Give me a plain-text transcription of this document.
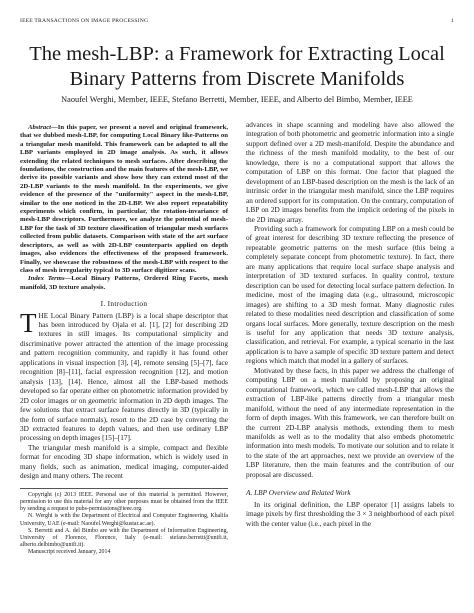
IEEE TRANSACTIONS ON IMAGE PROCESSING	1
The mesh-LBP: a Framework for Extracting Local Binary Patterns from Discrete Manifolds
Naoufel Werghi, Member, IEEE, Stefano Berretti, Member, IEEE, and Alberto del Bimbo, Member, IEEE

Abstract—In this paper, we present a novel and original framework, that we dubbed mesh-LBP, for computing Local Binary like-Patterns on a triangular mesh manifold. This framework can be adapted to all the LBP variants employed in 2D image analysis. As such, it allows extending the related techniques to mesh surfaces. After describing the foundations, the construction and the main features of the mesh-LBP, we derive its possible variants and show how they can extend most of the 2D-LBP variants to the mesh manifold. In the experiments, we give evidence of the presence of the "uniformity" aspect in the mesh-LBP, similar to the one noticed in the 2D-LBP. We also report repeatability experiments which confirm, in particular, the rotation-invariance of mesh-LBP descriptors. Furthermore, we analyze the potential of mesh-LBP for the task of 3D texture classification of triangular mesh surfaces collected from public datasets. Comparison with state of the art surface descriptors, as well as with 2D-LBP counterparts applied on depth images, also evidences the effectiveness of the proposed framework. Finally, we showcase the robustness of the mesh-LBP with respect to the class of mesh irregularity typical to 3D surface digitizer scans.

Index Terms—Local Binary Patterns, Ordered Ring Facets, mesh manifold, 3D texture analysis.

I. Introduction

THE Local Binary Pattern (LBP) is a local shape descriptor that has been introduced by Ojala et al. [1], [2] for describing 2D textures in still images. Its computational simplicity and discriminative power attracted the attention of the image processing and pattern recognition community, and rapidly it has found other applications in visual inspection [3], [4], remote sensing [5]–[7], face recognition [8]–[11], facial expression recognition [12], and motion analysis [13], [14]. Hence, almost all the LBP-based methods developed so far operate either on photometric information provided by 2D color images or on geometric information in 2D depth images. The few solutions that extract surface features directly in 3D (typically in the form of surface normals), resort to the 2D case by converting the 3D extracted features to depth values, and then use ordinary LBP processing on depth images [15]–[17].

The triangular mesh manifold is a simple, compact and flexible format for encoding 3D shape information, which is widely used in many fields, such as animation, medical imaging, computer-aided design and many others. The recent

Copyright (c) 2013 IEEE. Personal use of this material is permitted. However, permission to use this material for any other purposes must be obtained from the IEEE by sending a request to pubs-permissions@ieee.org.

N. Werghi is with the Department of Electrical and Computer Engineering, Khalifa University, UAE (e-mail: Naoufel.Werghi@kustar.ac.ae).

S. Berretti and A. del Bimbo are with the Department of Information Engineering, University of Florence, Florence, Italy (e-mail: stefano.berretti@unifi.it, alberto.delbimbo@unifi.it).

Manuscript received January, 2014

advances in shape scanning and modeling have also allowed the integration of both photometric and geometric information into a single support defined over a 2D mesh-manifold. Despite the abundance and the richness of the mesh manifold modality, to the best of our knowledge, there is no a computational support that allows the computation of LBP on this format. One factor that plagued the development of an LBP-based description on the mesh is the lack of an intrinsic order in the triangular mesh manifold, since the LBP requires an ordered support for its computation. On the contrary, computation of LBP on 2D images benefits from the implicit ordering of the pixels in the 2D image array.

Providing such a framework for computing LBP on a mesh could be of great interest for describing 3D texture reflecting the presence of repeatable geometric patterns on the mesh surface (this being a completely separate concept from photometric texture). In fact, there are many applications that require local surface shape analysis and interpretation of 3D textured surfaces. In quality control, texture description can be used for detecting local surface pattern defection. In medicine, most of the imaging data (e.g., ultrasound, microscopic images) are shifting to a 3D mesh format. Many diagnostic rules related to these modalities need description and classification of some organs local surfaces. More generally, texture description on the mesh is useful for any application that needs 3D texture analysis, classification, and retrieval. For example, a typical scenario in the last application is to have a sample of specific 3D texture pattern and detect regions which match that model in a gallery of surfaces.

Motivated by these facts, in this paper we address the challenge of computing LBP on a mesh manifold by proposing an original computational framework, which we called mesh-LBP that allows the extraction of LBP-like patterns directly from a triangular mesh manifold, without the need of any intermediate representation in the form of depth images. With this framework, we can therefore built on the current 2D-LBP analysis methods, extending them to mesh manifolds as well as to the modality that also embeds photometric information into mesh models. To motivate our solution and to relate it to the state of the art approaches, next we provide an overview of the LBP literature, then the main features and the contribution of our proposal are discussed.

A. LBP Overview and Related Work

In its original definition, the LBP operator [1] assigns labels to image pixels by first thresholding the 3 × 3 neighborhood of each pixel with the center value (i.e., each pixel in the
